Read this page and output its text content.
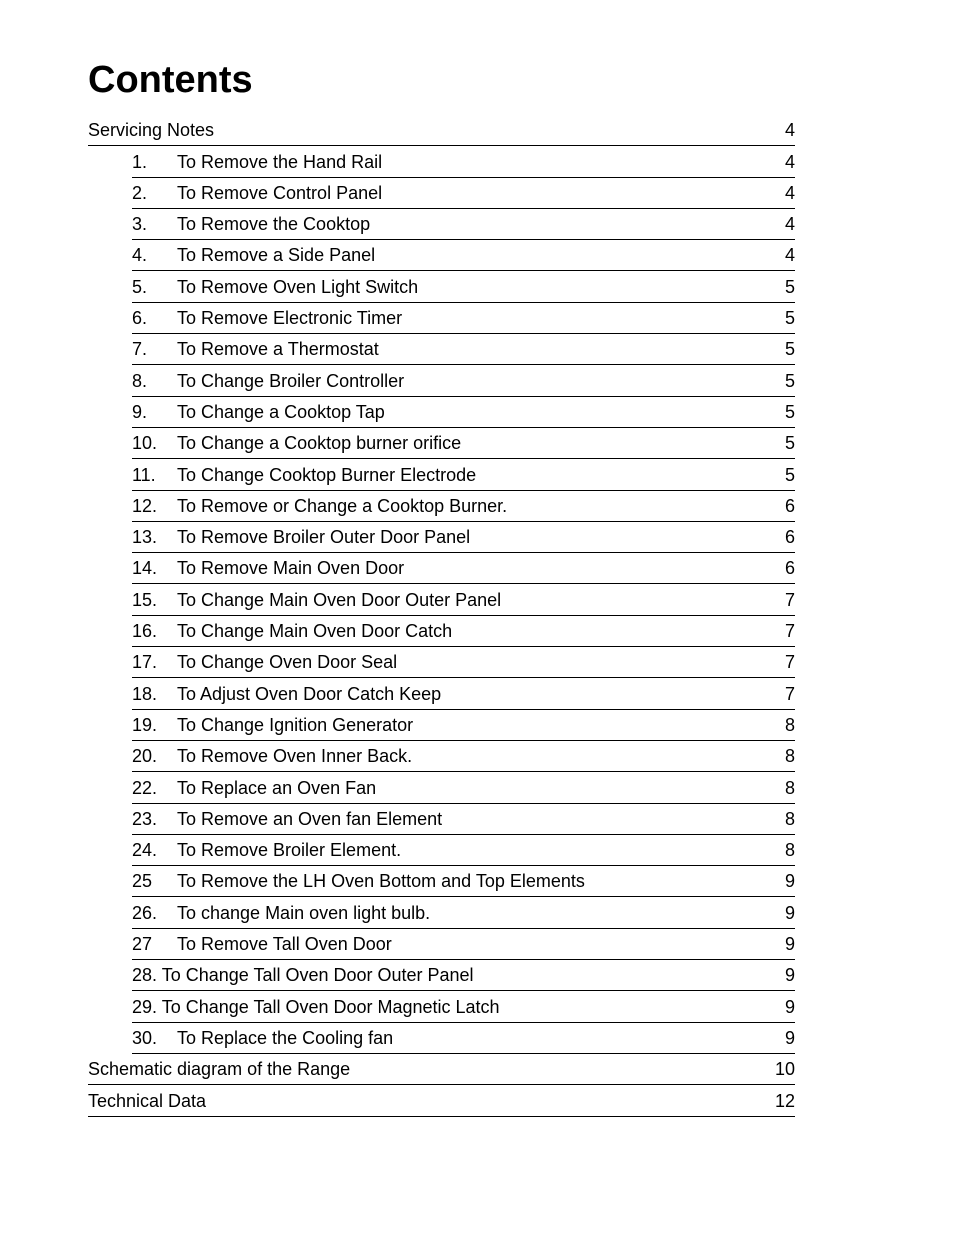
Contents
Servicing Notes	4
1. To Remove the Hand Rail	4
2. To Remove Control Panel	4
3. To Remove the Cooktop	4
4. To Remove a Side Panel	4
5. To Remove Oven Light Switch	5
6. To Remove Electronic Timer	5
7. To Remove a Thermostat	5
8. To Change Broiler Controller	5
9. To Change a Cooktop Tap	5
10. To Change a Cooktop burner orifice	5
11. To Change Cooktop Burner Electrode	5
12. To Remove or Change a Cooktop Burner.	6
13. To Remove Broiler Outer Door Panel	6
14. To Remove Main Oven Door	6
15. To Change Main Oven Door Outer Panel	7
16. To Change Main Oven Door Catch	7
17. To Change Oven Door Seal	7
18. To Adjust Oven Door Catch Keep	7
19. To Change Ignition Generator	8
20. To Remove Oven Inner Back.	8
22. To Replace an Oven Fan	8
23. To Remove an Oven fan Element	8
24. To Remove Broiler Element.	8
25 To Remove the LH Oven Bottom and Top Elements	9
26. To change Main oven light bulb.	9
27 To Remove Tall Oven Door	9
28. To Change Tall Oven Door Outer Panel	9
29. To Change Tall Oven Door Magnetic Latch	9
30. To Replace the Cooling fan	9
Schematic diagram of the Range	10
Technical Data	12
